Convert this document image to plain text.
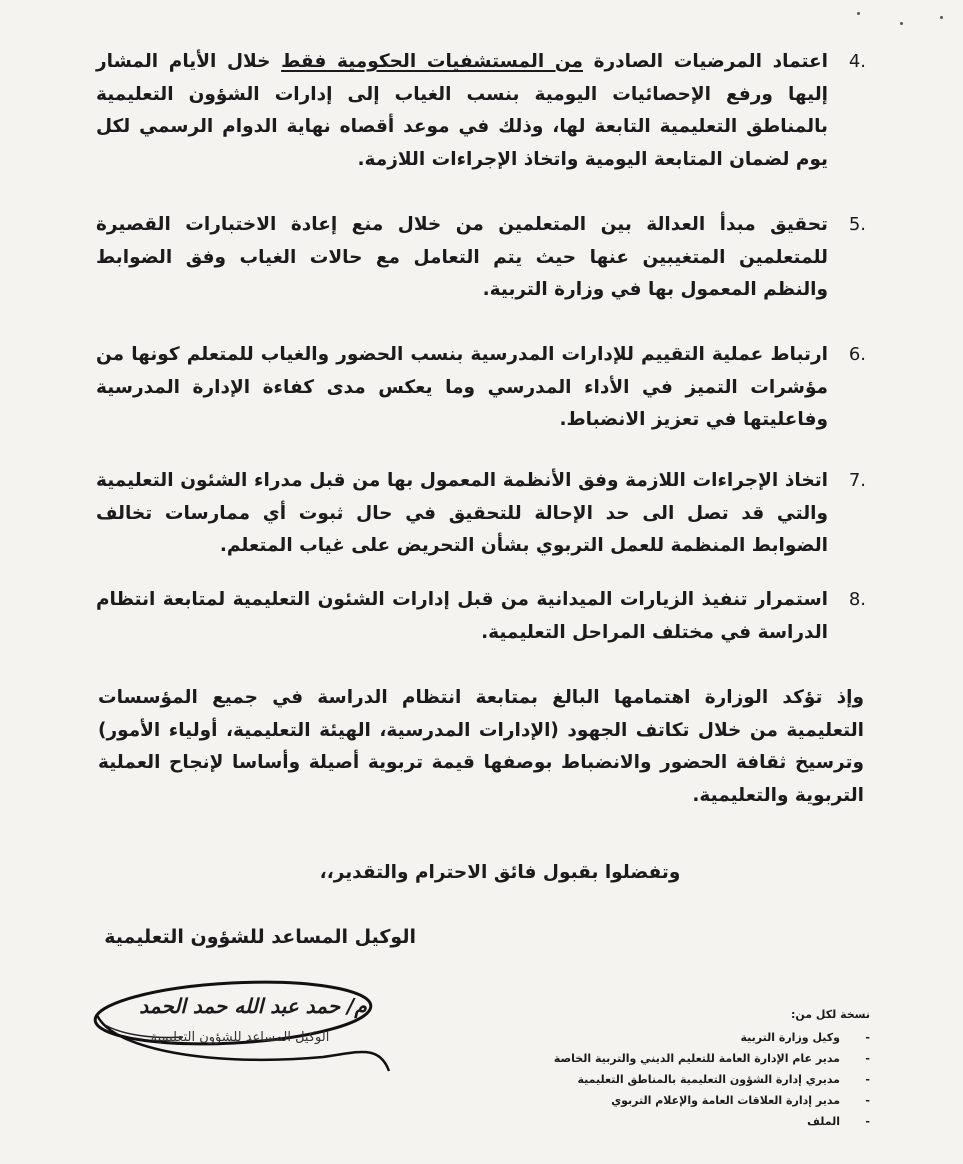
4.
اعتماد المرضيات الصادرة من المستشفيات الحكومية فقط خلال الأيام المشار إليها ورفع الإحصائيات اليومية بنسب الغياب إلى إدارات الشؤون التعليمية بالمناطق التعليمية التابعة لها، وذلك في موعد أقصاه نهاية الدوام الرسمي لكل يوم لضمان المتابعة اليومية واتخاذ الإجراءات اللازمة.
5.
تحقيق مبدأ العدالة بين المتعلمين من خلال منع إعادة الاختبارات القصيرة للمتعلمين المتغيبين عنها حيث يتم التعامل مع حالات الغياب وفق الضوابط والنظم المعمول بها في وزارة التربية.
6.
ارتباط عملية التقييم للإدارات المدرسية بنسب الحضور والغياب للمتعلم كونها من مؤشرات التميز في الأداء المدرسي وما يعكس مدى كفاءة الإدارة المدرسية وفاعليتها في تعزيز الانضباط.
7.
اتخاذ الإجراءات اللازمة وفق الأنظمة المعمول بها من قبل مدراء الشئون التعليمية والتي قد تصل الى حد الإحالة للتحقيق في حال ثبوت أي ممارسات تخالف الضوابط المنظمة للعمل التربوي بشأن التحريض على غياب المتعلم.
8.
استمرار تنفيذ الزيارات الميدانية من قبل إدارات الشئون التعليمية لمتابعة انتظام الدراسة في مختلف المراحل التعليمية.
وإذ تؤكد الوزارة اهتمامها البالغ بمتابعة انتظام الدراسة في جميع المؤسسات التعليمية من خلال تكاتف الجهود (الإدارات المدرسية، الهيئة التعليمية، أولياء الأمور) وترسيخ ثقافة الحضور والانضباط بوصفها قيمة تربوية أصيلة وأساسا لإنجاح العملية التربوية والتعليمية.
وتفضلوا بقبول فائق الاحترام والتقدير،،
الوكيل المساعد للشؤون التعليمية
م/ حمد عبد الله حمد الحمد
الوكيل المساعد للشؤون التعليمية
نسخة لكل من:
-
وكيل وزارة التربية
-
مدير عام الإدارة العامة للتعليم الديني والتربية الخاصة
-
مديري إدارة الشؤون التعليمية بالمناطق التعليمية
-
مدير إدارة العلاقات العامة والإعلام التربوي
-
الملف
